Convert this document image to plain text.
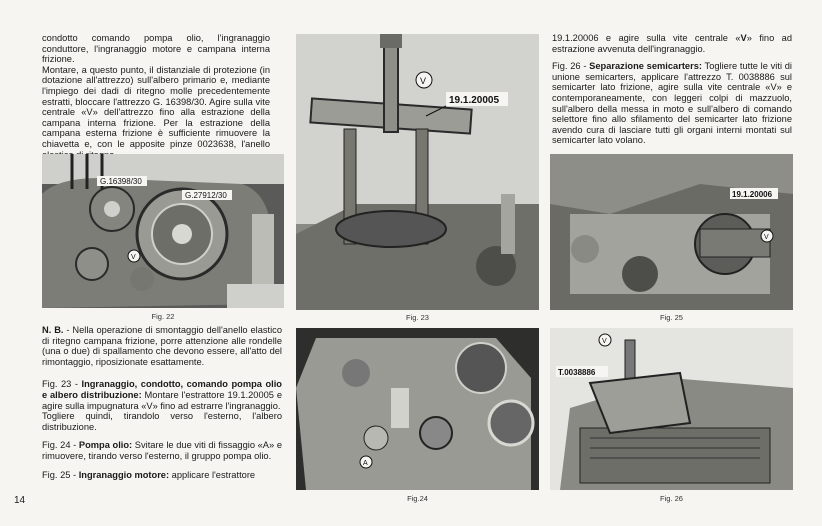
condotto comando pompa olio, l'ingranaggio conduttore, l'ingranaggio motore e campana interna frizione.

Montare, a questo punto, il distanziale di protezione (in dotazione all'attrezzo) sull'albero primario e, mediante l'impiego dei dadi di ritegno molle precedentemente estratti, bloccare l'attrezzo G. 16398/30. Agire sulla vite centrale «V» dell'attrezzo fino alla estrazione della campana interna frizione. Per la estrazione della campana esterna frizione è sufficiente rimuovere la chiavetta e, con le apposite pinze 0023638, l'anello

G.16398/30
G.27912/30
V
Fig. 22

N. B. - Nella operazione di smontaggio dell'anello elastico di ritegno campana frizione, porre attenzione alle rondelle (una o due) di spallamento che devono essere, all'atto del rimontaggio, riposizionate esattamente.

Fig. 23 - Ingranaggio, condotto, comando pompa olio e albero distribuzione: Montare l'estrattore 19.1.20005 e agire sulla impugnatura «V» fino ad estrarre l'ingranaggio.
Togliere quindi, tirandolo verso l'esterno, l'albero distribuzione.

Fig. 24 - Pompa olio: Svitare le due viti di fissaggio «A» e rimuovere, tirando verso l'esterno, il gruppo pompa olio.

Fig. 25 - Ingranaggio motore: applicare l'estrattore

19.1.20005
V
Fig. 23
A
Fig.24

19.1.20006 e agire sulla vite centrale «V» fino ad estrazione avvenuta dell'ingranaggio.

Fig. 26 - Separazione semicarters: Togliere tutte le viti di unione semicarters, applicare l'attrezzo T. 0038886 sul semicarter lato frizione, agire sulla vite centrale «V» e contemporaneamente, con leggeri colpi di mazzuolo, sull'albero della messa in moto e sull'albero di comando selettore fino allo sfilamento del semicarter lato frizione avendo cura di lasciare tutti gli organi interni montati sul semicarter lato volano.

19.1.20006
V
Fig. 25
T.0038886
V
Fig. 26
14
